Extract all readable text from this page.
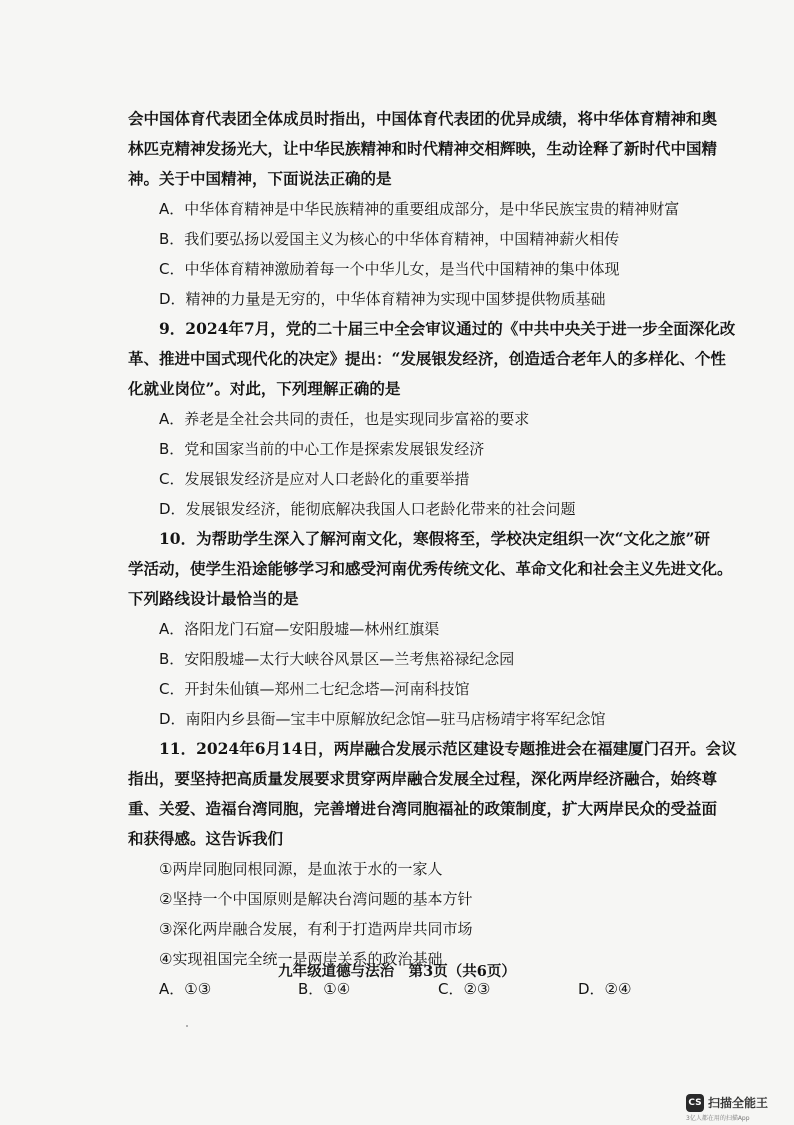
会中国体育代表团全体成员时指出，中国体育代表团的优异成绩，将中华体育精神和奥
林匹克精神发扬光大，让中华民族精神和时代精神交相辉映，生动诠释了新时代中国精
神。关于中国精神，下面说法正确的是
A．中华体育精神是中华民族精神的重要组成部分，是中华民族宝贵的精神财富
B．我们要弘扬以爱国主义为核心的中华体育精神，中国精神薪火相传
C．中华体育精神激励着每一个中华儿女，是当代中国精神的集中体现
D．精神的力量是无穷的，中华体育精神为实现中国梦提供物质基础
9．2024年7月，党的二十届三中全会审议通过的《中共中央关于进一步全面深化改
革、推进中国式现代化的决定》提出：“发展银发经济，创造适合老年人的多样化、个性
化就业岗位”。对此，下列理解正确的是
A．养老是全社会共同的责任，也是实现同步富裕的要求
B．党和国家当前的中心工作是探索发展银发经济
C．发展银发经济是应对人口老龄化的重要举措
D．发展银发经济，能彻底解决我国人口老龄化带来的社会问题
10．为帮助学生深入了解河南文化，寒假将至，学校决定组织一次“文化之旅”研
学活动，使学生沿途能够学习和感受河南优秀传统文化、革命文化和社会主义先进文化。
下列路线设计最恰当的是
A．洛阳龙门石窟—安阳殷墟—林州红旗渠
B．安阳殷墟—太行大峡谷风景区—兰考焦裕禄纪念园
C．开封朱仙镇—郑州二七纪念塔—河南科技馆
D．南阳内乡县衙—宝丰中原解放纪念馆—驻马店杨靖宇将军纪念馆
11．2024年6月14日，两岸融合发展示范区建设专题推进会在福建厦门召开。会议
指出，要坚持把高质量发展要求贯穿两岸融合发展全过程，深化两岸经济融合，始终尊
重、关爱、造福台湾同胞，完善增进台湾同胞福祉的政策制度，扩大两岸民众的受益面
和获得感。这告诉我们
①两岸同胞同根同源，是血浓于水的一家人
②坚持一个中国原则是解决台湾问题的基本方针
③深化两岸融合发展，有利于打造两岸共同市场
④实现祖国完全统一是两岸关系的政治基础
A．①③	B．①④	C．②③	D．②④
九年级道德与法治　第3页（共6页）
CS 扫描全能王
3亿人都在用的扫描App
